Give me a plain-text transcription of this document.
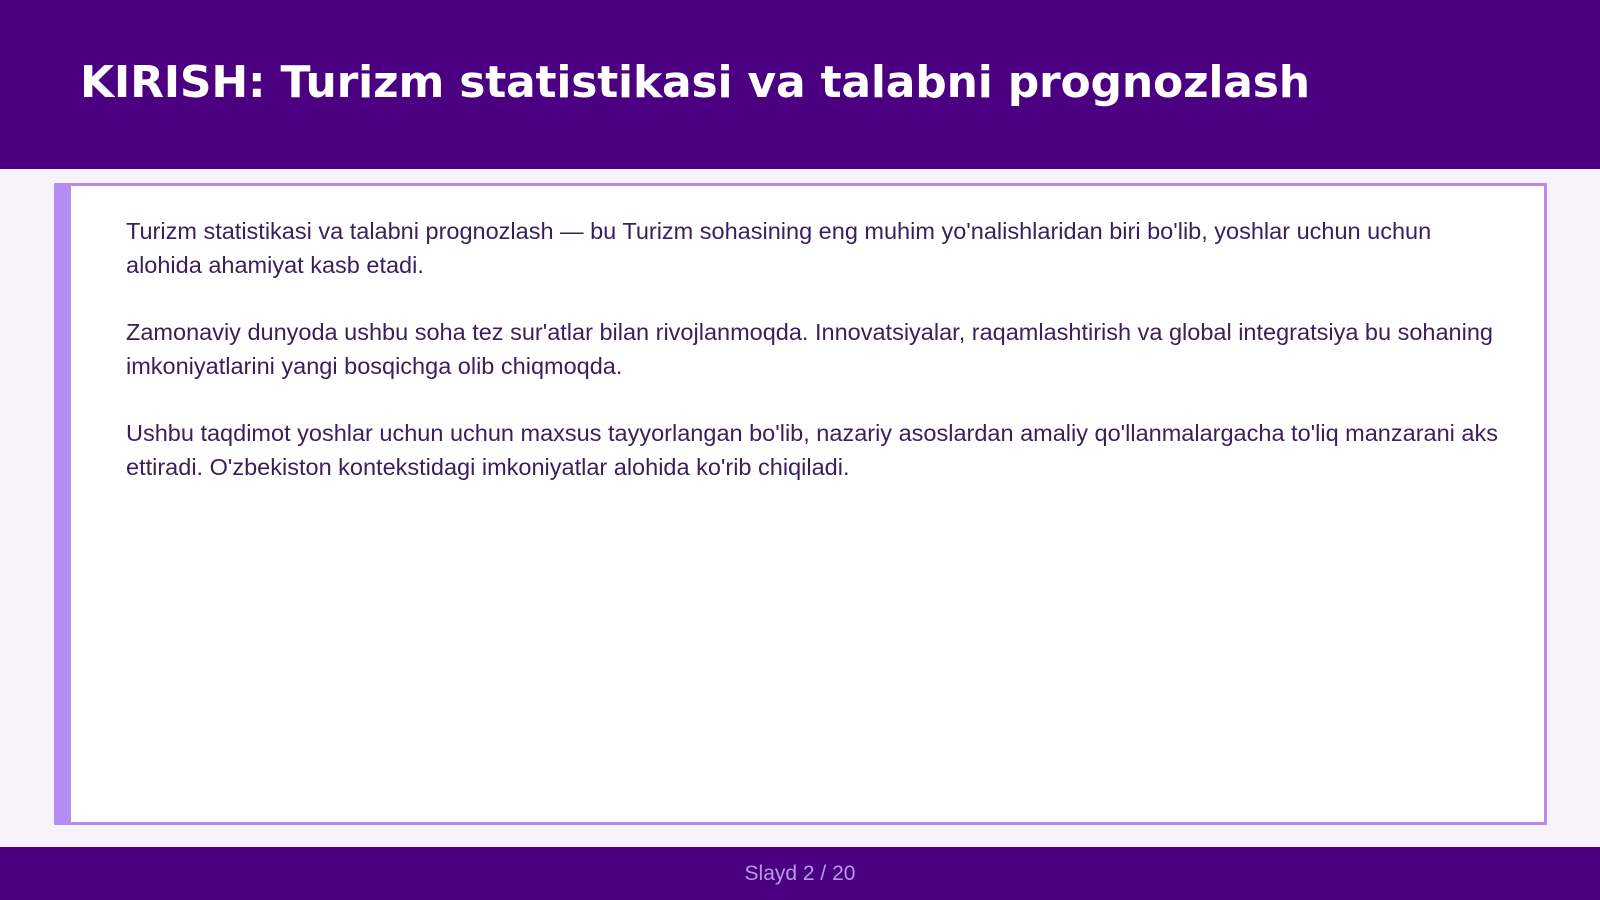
KIRISH: Turizm statistikasi va talabni prognozlash

Turizm statistikasi va talabni prognozlash — bu Turizm sohasining eng muhim yo'nalishlaridan biri bo'lib, yoshlar uchun uchun alohida ahamiyat kasb etadi.

Zamonaviy dunyoda ushbu soha tez sur'atlar bilan rivojlanmoqda. Innovatsiyalar, raqamlashtirish va global integratsiya bu sohaning imkoniyatlarini yangi bosqichga olib chiqmoqda.

Ushbu taqdimot yoshlar uchun uchun maxsus tayyorlangan bo'lib, nazariy asoslardan amaliy qo'llanmalargacha to'liq manzarani aks ettiradi. O'zbekiston kontekstidagi imkoniyatlar alohida ko'rib chiqiladi.

Slayd 2 / 20
